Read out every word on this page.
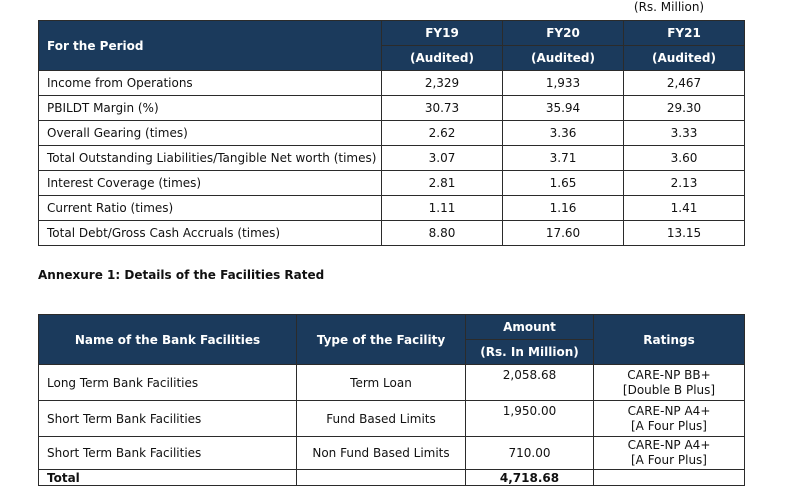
(Rs. Million)
For the Period	FY19	FY20	FY21
	(Audited)	(Audited)	(Audited)
Income from Operations	2,329	1,933	2,467
PBILDT Margin (%)	30.73	35.94	29.30
Overall Gearing (times)	2.62	3.36	3.33
Total Outstanding Liabilities/Tangible Net worth (times)	3.07	3.71	3.60
Interest Coverage (times)	2.81	1.65	2.13
Current Ratio (times)	1.11	1.16	1.41
Total Debt/Gross Cash Accruals (times)	8.80	17.60	13.15
Annexure 1: Details of the Facilities Rated
Name of the Bank Facilities	Type of the Facility	Amount	Ratings
		(Rs. In Million)	
Long Term Bank Facilities	Term Loan	2,058.68	CARE-NP BB+
[Double B Plus]

Short Term Bank Facilities	Fund Based Limits	1,950.00	CARE-NP A4+
[A Four Plus]

Short Term Bank Facilities	Non Fund Based Limits	710.00	CARE-NP A4+
[A Four Plus]

Total		4,718.68	
